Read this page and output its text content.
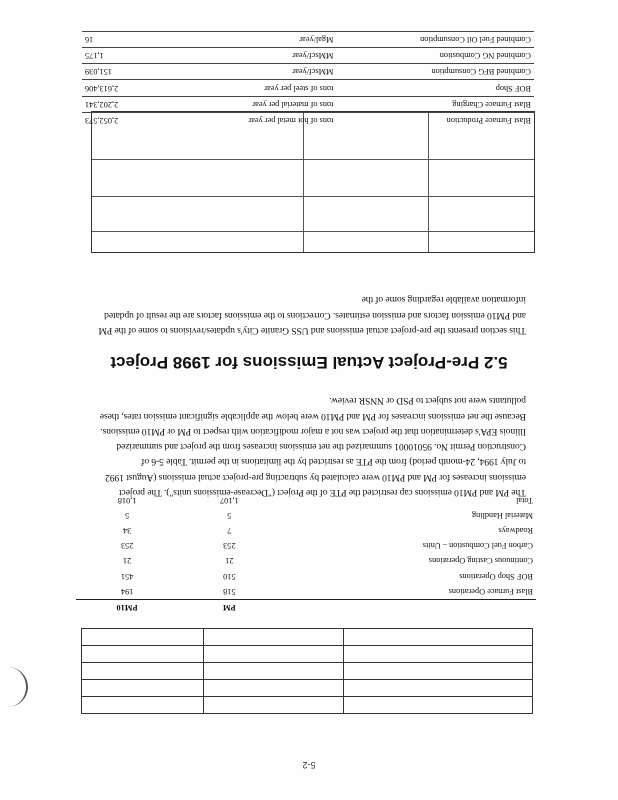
5-2

	PM	PM10
Blast Furnace Operations	518	194
BOF Shop Operations	510	451
Continuous Casting Operations	21	21
Carbon Fuel Combustion – Units	253	253
Roadways	7	34
Material Handling	5	5
Total	1,107	1,018

The PM and PM10 emissions cap restricted the PTE of the Project ("Decrease-emissions units"). The project emissions increases for PM and PM10 were calculated by subtracting pre-project actual emissions (August 1992 to July 1994, 24-month period) from the PTE as restricted by the limitations in the permit. Table 5-6 of Construction Permit No. 95010001 summarized the net emissions increases from the project and summarized Illinois EPA's determination that the project was not a major modification with respect to PM or PM10 emissions. Because the net emissions increases for PM and PM10 were below the applicable significant emission rates, these pollutants were not subject to PSD or NNSR review.

5.2 Pre-Project Actual Emissions for 1998 Project

This section presents the pre-project actual emissions and USS Granite City's updates/revisions to some of the PM and PM10 emission factors and emission estimates. Corrections to the emissions factors are the result of updated information available regarding some of the

Blast Furnace Production	tons of hot metal per year	2,052,573
Blast Furnace Charging	tons of material per year	2,202,341
BOF Shop	tons of steel per year	2,613,406
Combined BFG Consumption	MMscf/year	151,039
Combined NG Combustion	MMscf/year	1,175
Combined Fuel Oil Consumption	Mgal/year	16
